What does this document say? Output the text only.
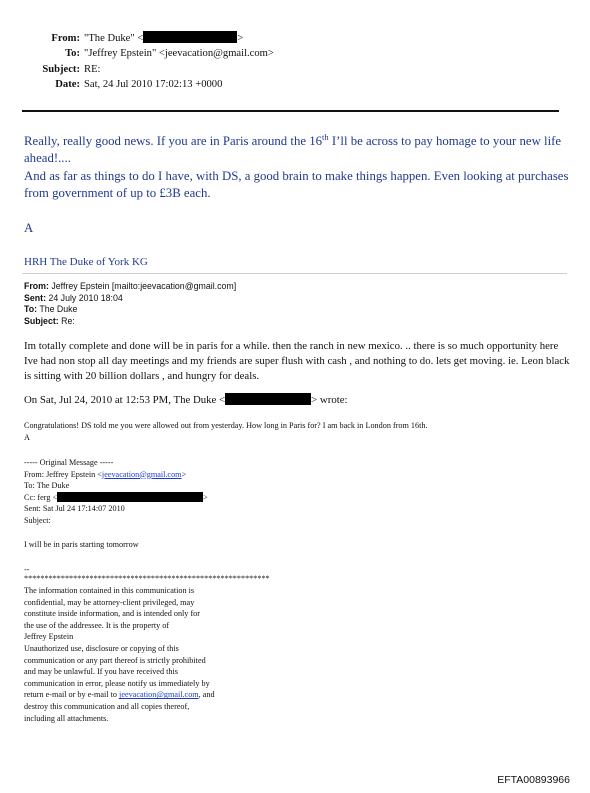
From: "The Duke" <	>
To: "Jeffrey Epstein" <jeevacation@gmail.com>
Subject: RE:
Date: Sat, 24 Jul 2010 17:02:13 +0000

Really, really good news. If you are in Paris around the 16th I’ll be across to pay homage to your new life ahead!....

And as far as things to do I have, with DS, a good brain to make things happen. Even looking at purchases from government of up to £3B each.

A

HRH The Duke of York KG

From: Jeffrey Epstein [mailto:jeevacation@gmail.com]
Sent: 24 July 2010 18:04
To: The Duke
Subject: Re:

Im totally complete and done will be in paris for a while. then the ranch in new mexico. .. there is so much opportunity here Ive had non stop all day meetings and my friends are super flush with cash , and nothing to do. lets get moving. ie. Leon black is sitting with 20 billion dollars , and hungry for deals.

On Sat, Jul 24, 2010 at 12:53 PM, The Duke <	> wrote:
Congratulations! DS told me you were allowed out from yesterday. How long in Paris for? I am back in London from 16th.
A
----- Original Message -----
From: Jeffrey Epstein <jeevacation@gmail.com>
To: The Duke
Cc: ferg <	>
Sent: Sat Jul 24 17:14:07 2010
Subject:
I will be in paris starting tomorrow
--
************************************************************
The information contained in this communication is
confidential, may be attorney-client privileged, may
constitute inside information, and is intended only for
the use of the addressee. It is the property of
Jeffrey Epstein
Unauthorized use, disclosure or copying of this
communication or any part thereof is strictly prohibited
and may be unlawful. If you have received this
communication in error, please notify us immediately by
return e-mail or by e-mail to jeevacation@gmail.com, and
destroy this communication and all copies thereof,
including all attachments.
EFTA00893966
